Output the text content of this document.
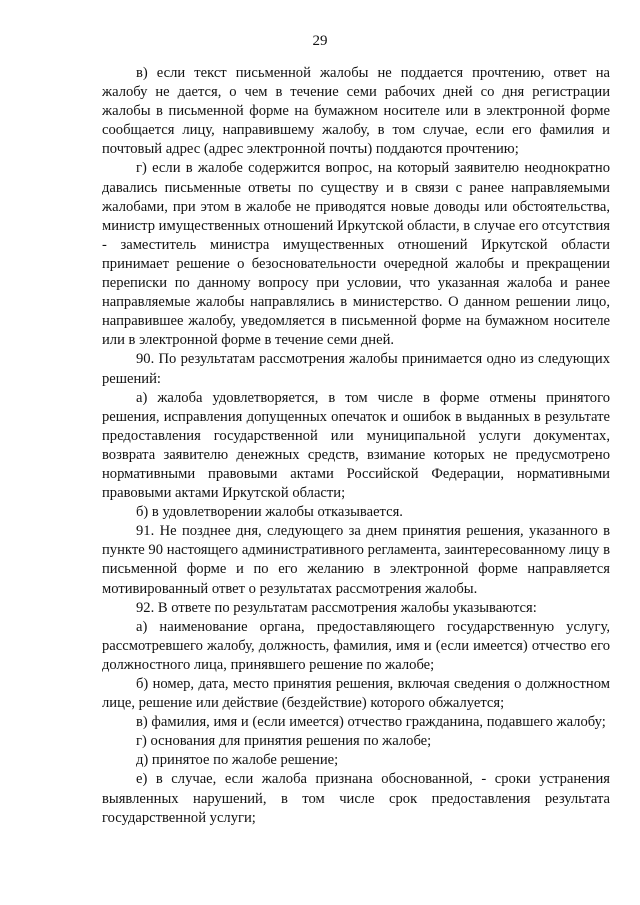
29

в) если текст письменной жалобы не поддается прочтению, ответ на жалобу не дается, о чем в течение семи рабочих дней со дня регистрации жалобы в письменной форме на бумажном носителе или в электронной форме сообщается лицу, направившему жалобу, в том случае, если его фамилия и почтовый адрес (адрес электронной почты) поддаются прочтению;

г) если в жалобе содержится вопрос, на который заявителю неоднократно давались письменные ответы по существу и в связи с ранее направляемыми жалобами, при этом в жалобе не приводятся новые доводы или обстоятельства, министр имущественных отношений Иркутской области, в случае его отсутствия - заместитель министра имущественных отношений Иркутской области принимает решение о безосновательности очередной жалобы и прекращении переписки по данному вопросу при условии, что указанная жалоба и ранее направляемые жалобы направлялись в министерство. О данном решении лицо, направившее жалобу, уведомляется в письменной форме на бумажном носителе или в электронной форме в течение семи дней.

90. По результатам рассмотрения жалобы принимается одно из следующих решений:

а) жалоба удовлетворяется, в том числе в форме отмены принятого решения, исправления допущенных опечаток и ошибок в выданных в результате предоставления государственной или муниципальной услуги документах, возврата заявителю денежных средств, взимание которых не предусмотрено нормативными правовыми актами Российской Федерации, нормативными правовыми актами Иркутской области;

б) в удовлетворении жалобы отказывается.

91. Не позднее дня, следующего за днем принятия решения, указанного в пункте 90 настоящего административного регламента, заинтересованному лицу в письменной форме и по его желанию в электронной форме направляется мотивированный ответ о результатах рассмотрения жалобы.

92. В ответе по результатам рассмотрения жалобы указываются:

а) наименование органа, предоставляющего государственную услугу, рассмотревшего жалобу, должность, фамилия, имя и (если имеется) отчество его должностного лица, принявшего решение по жалобе;

б) номер, дата, место принятия решения, включая сведения о должностном лице, решение или действие (бездействие) которого обжалуется;

в) фамилия, имя и (если имеется) отчество гражданина, подавшего жалобу;

г) основания для принятия решения по жалобе;

д) принятое по жалобе решение;

е) в случае, если жалоба признана обоснованной, - сроки устранения выявленных нарушений, в том числе срок предоставления результата государственной услуги;
